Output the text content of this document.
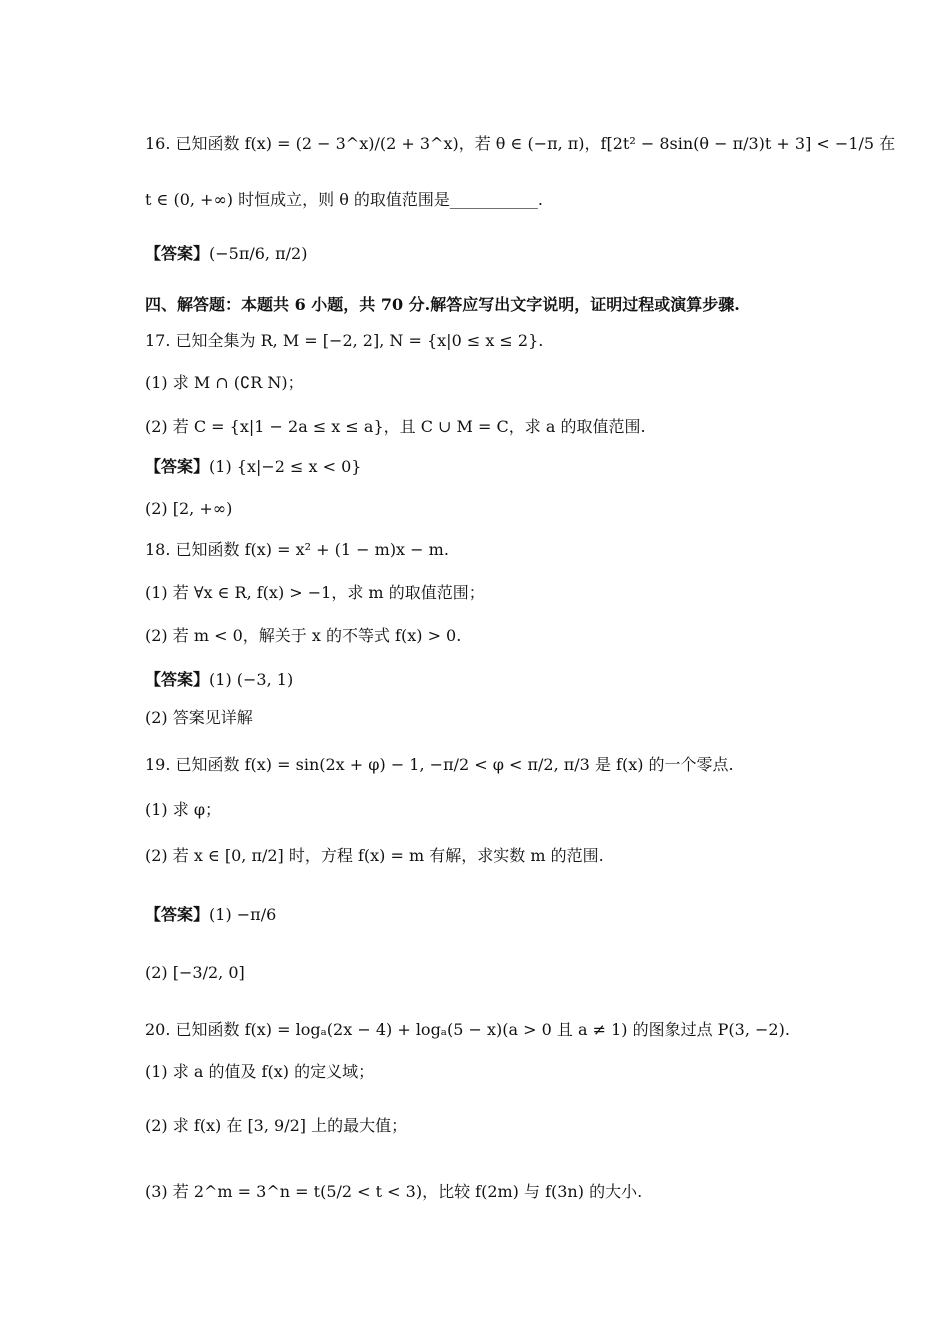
16. 已知函数 f(x) = (2 − 3^x)/(2 + 3^x)，若 θ ∈ (−π, π)，f[2t² − 8sin(θ − π/3)t + 3] < −1/5 在
t ∈ (0, +∞) 时恒成立，则 θ 的取值范围是___________.
【答案】(−5π/6, π/2)
四、解答题：本题共 6 小题，共 70 分.解答应写出文字说明，证明过程或演算步骤.
17. 已知全集为 R, M = [−2, 2], N = {x|0 ≤ x ≤ 2}.
(1) 求 M ∩ (∁R N)；
(2) 若 C = {x|1 − 2a ≤ x ≤ a}，且 C ∪ M = C，求 a 的取值范围.
【答案】(1) {x|−2 ≤ x < 0}
(2) [2, +∞)
18. 已知函数 f(x) = x² + (1 − m)x − m.
(1) 若 ∀x ∈ R, f(x) > −1，求 m 的取值范围；
(2) 若 m < 0，解关于 x 的不等式 f(x) > 0.
【答案】(1) (−3, 1)
(2) 答案见详解
19. 已知函数 f(x) = sin(2x + φ) − 1, −π/2 < φ < π/2, π/3 是 f(x) 的一个零点.
(1) 求 φ；
(2) 若 x ∈ [0, π/2] 时，方程 f(x) = m 有解，求实数 m 的范围.
【答案】(1) −π/6
(2) [−3/2, 0]
20. 已知函数 f(x) = logₐ(2x − 4) + logₐ(5 − x)(a > 0 且 a ≠ 1) 的图象过点 P(3, −2).
(1) 求 a 的值及 f(x) 的定义域；
(2) 求 f(x) 在 [3, 9/2] 上的最大值；
(3) 若 2^m = 3^n = t(5/2 < t < 3)，比较 f(2m) 与 f(3n) 的大小.
